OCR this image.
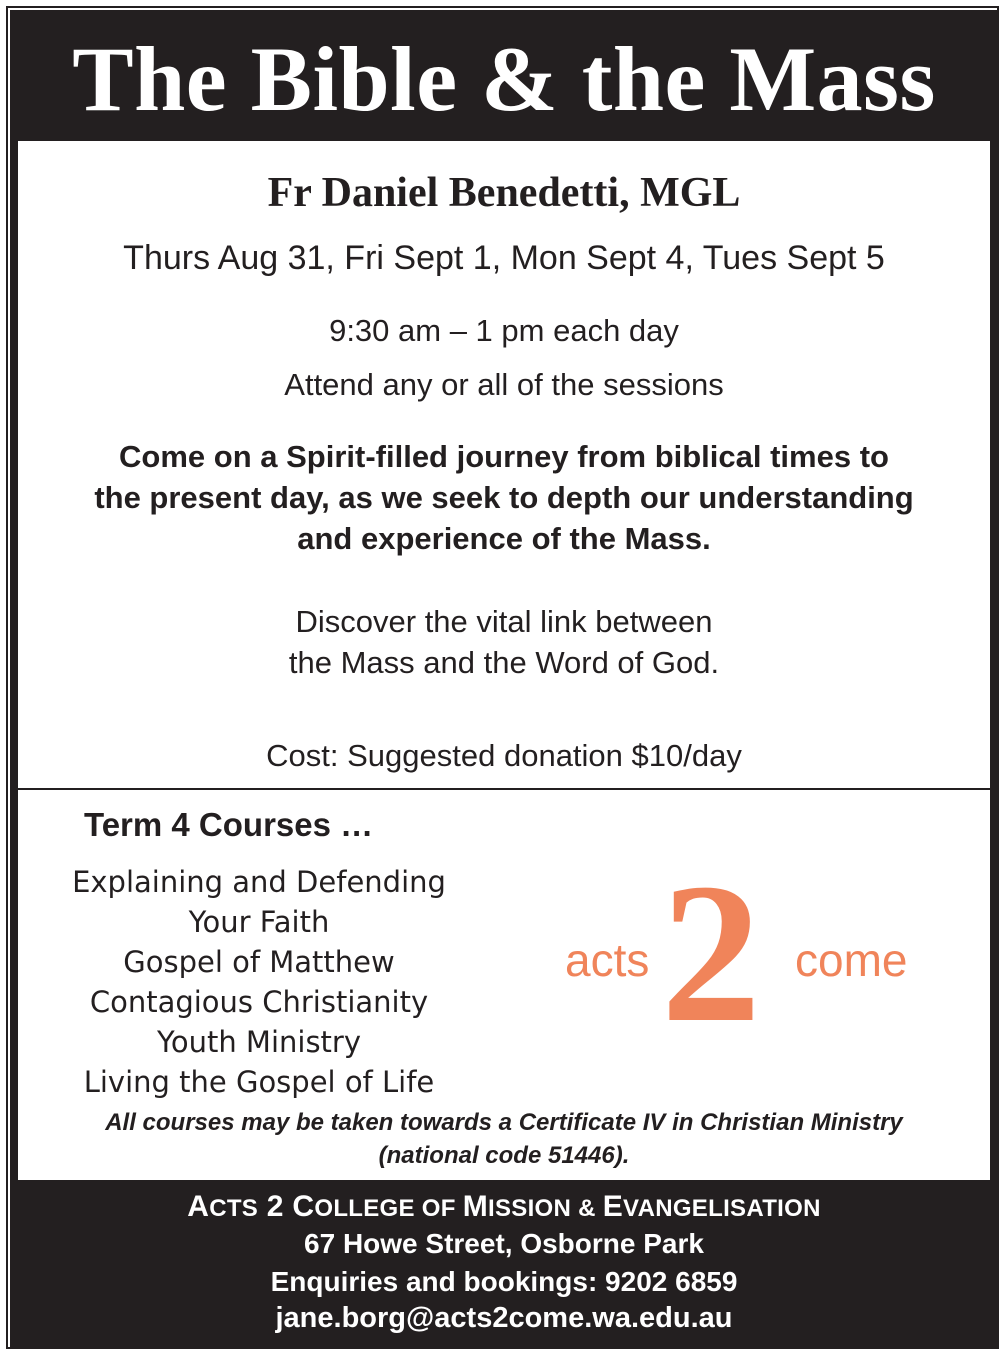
The Bible & the Mass
Fr Daniel Benedetti, MGL
Thurs Aug 31, Fri Sept 1, Mon Sept 4, Tues Sept 5
9:30 am – 1 pm each day
Attend any or all of the sessions
Come on a Spirit-filled journey from biblical times to
the present day, as we seek to depth our understanding
and experience of the Mass.
Discover the vital link between
the Mass and the Word of God.
Cost: Suggested donation $10/day
Term 4 Courses …
Explaining and Defending
Your Faith
Gospel of Matthew
Contagious Christianity
Youth Ministry
Living the Gospel of Life
acts 2 come
All courses may be taken towards a Certificate IV in Christian Ministry
(national code 51446).
ACTS 2 COLLEGE OF MISSION & EVANGELISATION
67 Howe Street, Osborne Park
Enquiries and bookings: 9202 6859
jane.borg@acts2come.wa.edu.au
